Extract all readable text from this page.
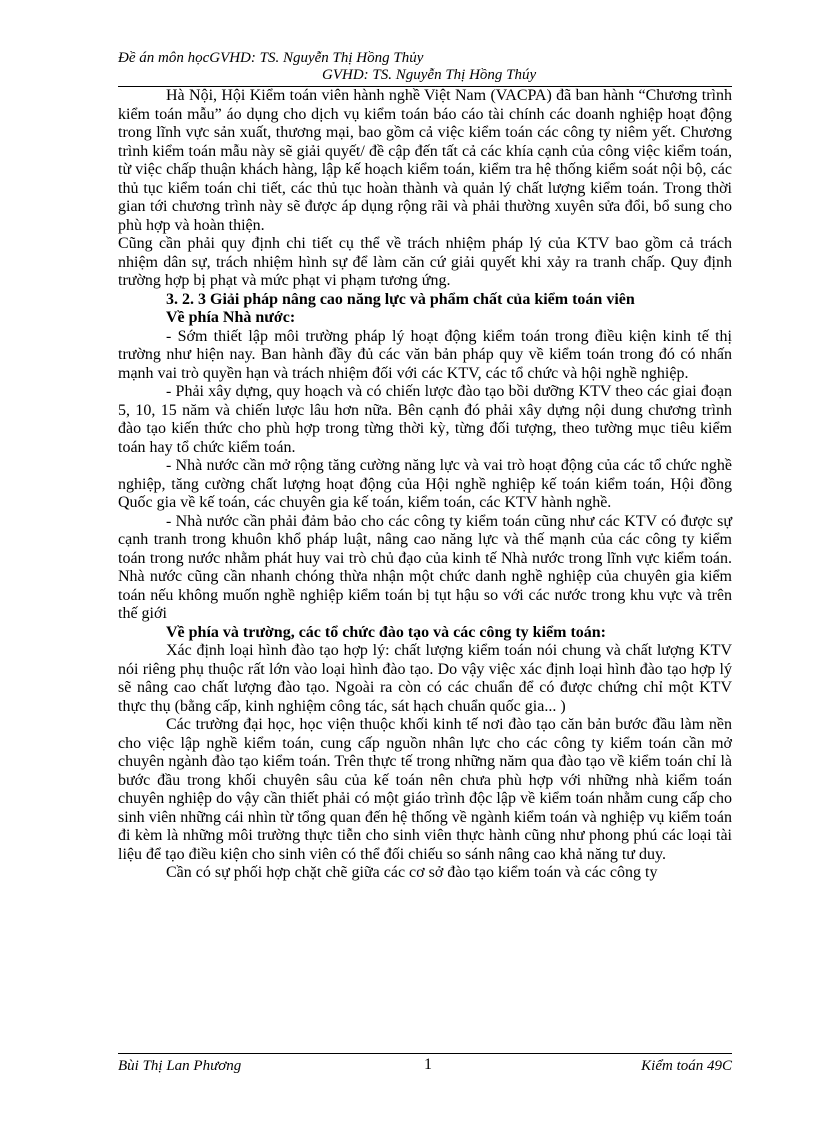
Đề án môn họcGVHD: TS. Nguyễn Thị Hồng Thủy
GVHD: TS. Nguyễn Thị Hồng Thúy

Hà Nội, Hội Kiểm toán viên hành nghề Việt Nam (VACPA) đã ban hành “Chương trình kiểm toán mẫu” áo dụng cho dịch vụ kiểm toán báo cáo tài chính các doanh nghiệp hoạt động trong lĩnh vực sản xuất, thương mại, bao gồm cả việc kiểm toán các công ty niêm yết. Chương trình kiểm toán mẫu này sẽ giải quyết/ đề cập đến tất cả các khía cạnh của công việc kiểm toán, từ việc chấp thuận khách hàng, lập kế hoạch kiểm toán, kiểm tra hệ thống kiểm soát nội bộ, các thủ tục kiểm toán chi tiết, các thủ tục hoàn thành và quản lý chất lượng kiểm toán. Trong thời gian tới chương trình này sẽ được áp dụng rộng rãi và phải thường xuyên sửa đổi, bổ sung cho phù hợp và hoàn thiện.

Cũng cần phải quy định chi tiết cụ thể về trách nhiệm pháp lý của KTV bao gồm cả trách nhiệm dân sự, trách nhiệm hình sự để làm căn cứ giải quyết khi xảy ra tranh chấp. Quy định trường hợp bị phạt và mức phạt vi phạm tương ứng.

3. 2. 3 Giải pháp nâng cao năng lực và phẩm chất của kiểm toán viên

Về phía Nhà nước:

- Sớm thiết lập môi trường pháp lý hoạt động kiểm toán trong điều kiện kinh tế thị trường như hiện nay. Ban hành đầy đủ các văn bản pháp quy về kiểm toán trong đó có nhấn mạnh vai trò quyền hạn và trách nhiệm đối với các KTV, các tổ chức và hội nghề nghiệp.

- Phải xây dựng, quy hoạch và có chiến lược đào tạo bồi dưỡng KTV theo các giai đoạn 5, 10, 15 năm và chiến lược lâu hơn nữa. Bên cạnh đó phải xây dựng nội dung chương trình đào tạo kiến thức cho phù hợp trong từng thời kỳ, từng đối tượng, theo tường mục tiêu kiểm toán hay tổ chức kiểm toán.

- Nhà nước cần mở rộng tăng cường năng lực và vai trò hoạt động của các tổ chức nghề nghiệp, tăng cường chất lượng hoạt động của Hội nghề nghiệp kế toán kiểm toán, Hội đồng Quốc gia về kế toán, các chuyên gia kế toán, kiểm toán, các KTV hành nghề.

- Nhà nước cần phải đảm bảo cho các công ty kiểm toán cũng như các KTV có được sự cạnh tranh trong khuôn khổ pháp luật, nâng cao năng lực và thế mạnh của các công ty kiểm toán trong nước nhằm phát huy vai trò chủ đạo của kinh tế Nhà nước trong lĩnh vực kiểm toán. Nhà nước cũng cần nhanh chóng thừa nhận một chức danh nghề nghiệp của chuyên gia kiểm toán nếu không muốn nghề nghiệp kiểm toán bị tụt hậu so với các nước trong khu vực và trên thế giới

Về phía và trường, các tổ chức đào tạo và các công ty kiểm toán:

Xác định loại hình đào tạo hợp lý: chất lượng kiểm toán nói chung và chất lượng KTV nói riêng phụ thuộc rất lớn vào loại hình đào tạo. Do vậy việc xác định loại hình đào tạo hợp lý sẽ nâng cao chất lượng đào tạo. Ngoài ra còn có các chuẩn để có được chứng chỉ một KTV thực thụ (bằng cấp, kinh nghiệm công tác, sát hạch chuẩn quốc gia... )

Các trường đại học, học viện thuộc khối kinh tế nơi đào tạo căn bản bước đầu làm nền cho việc lập nghề kiểm toán, cung cấp nguồn nhân lực cho các công ty kiểm toán cần mở chuyên ngành đào tạo kiểm toán. Trên thực tế trong những năm qua đào tạo về kiểm toán chỉ là bước đầu trong khối chuyên sâu của kế toán nên chưa phù hợp với những nhà kiểm toán chuyên nghiệp do vậy cần thiết phải có một giáo trình độc lập về kiểm toán nhằm cung cấp cho sinh viên những cái nhìn từ tổng quan đến hệ thống về ngành kiểm toán và nghiệp vụ kiểm toán đi kèm là những môi trường thực tiễn cho sinh viên thực hành cũng như phong phú các loại tài liệu để tạo điều kiện cho sinh viên có thể đối chiếu so sánh nâng cao khả năng tư duy.

Cần có sự phối hợp chặt chẽ giữa các cơ sở đào tạo kiểm toán và các công ty

Bùi Thị Lan Phương	1	Kiểm toán 49C
